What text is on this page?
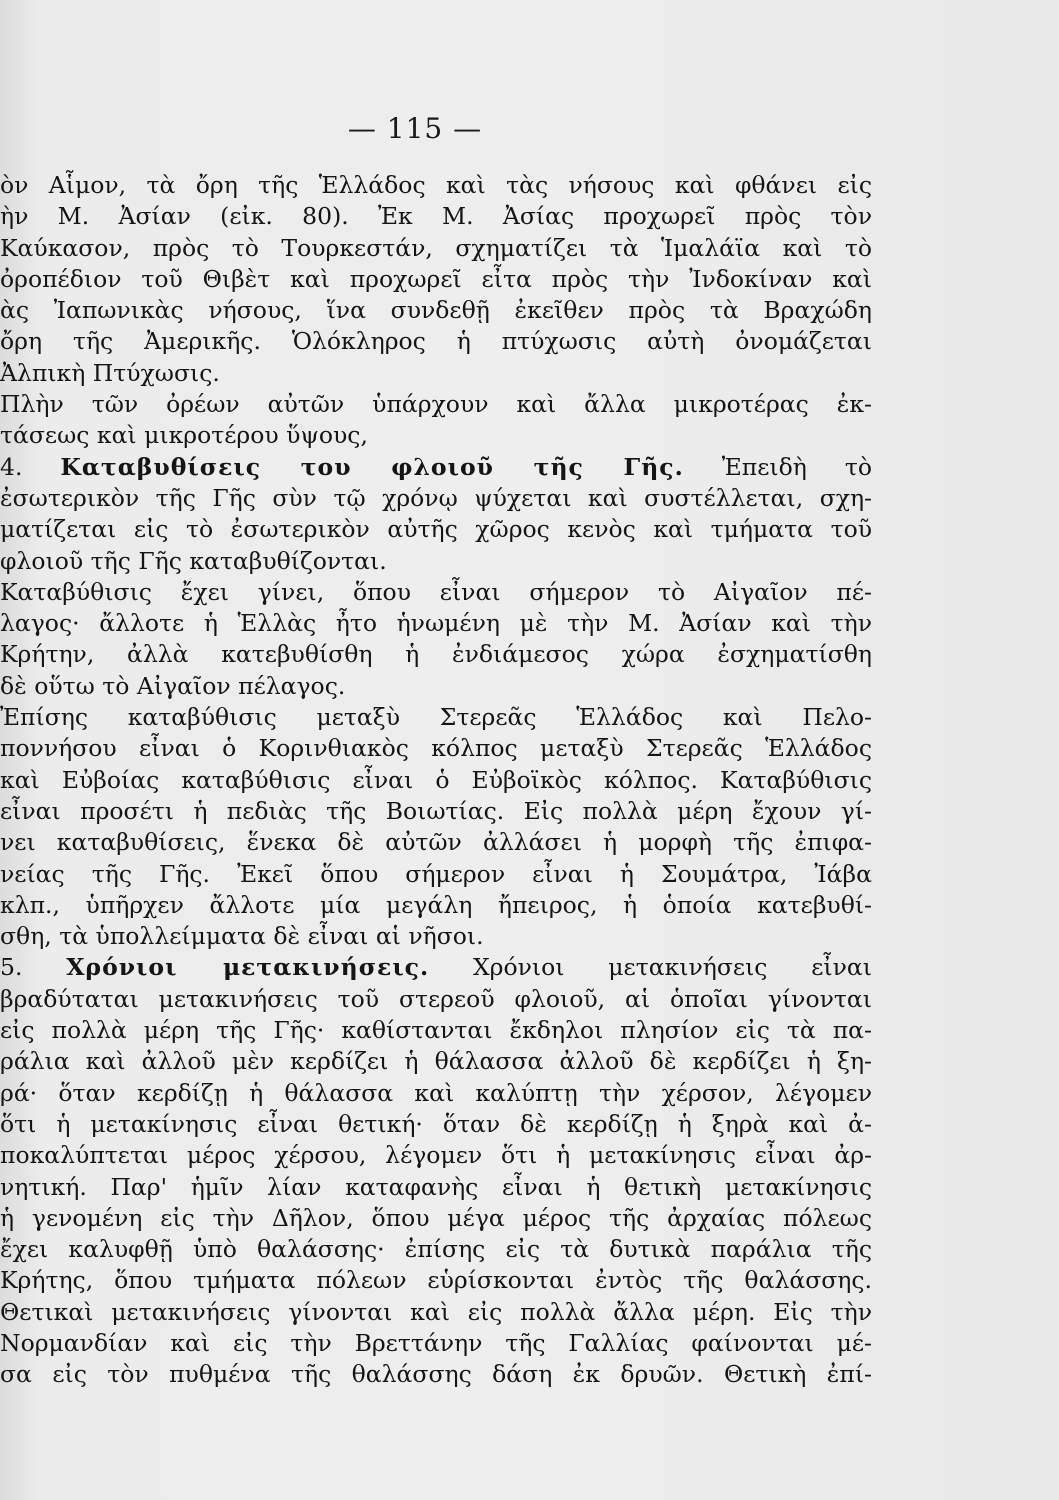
— 115 —
ὸν Αἷμον, τὰ ὄρη τῆς Ἑλλάδος καὶ τὰς νήσους καὶ φθάνει εἰς
ὴν Μ. Ἀσίαν (εἰκ. 80). Ἐκ Μ. Ἀσίας προχωρεῖ πρὸς τὸν
Καύκασον, πρὸς τὸ Τουρκεστάν, σχηματίζει τὰ Ἱμαλάϊα καὶ τὸ
ὀροπέδιον τοῦ Θιβὲτ καὶ προχωρεῖ εἶτα πρὸς τὴν Ἰνδοκίναν καὶ
ὰς Ἰαπωνικὰς νήσους, ἵνα συνδεθῇ ἐκεῖθεν πρὸς τὰ Βραχώδη
ὄρη τῆς Ἀμερικῆς. Ὁλόκληρος ἡ πτύχωσις αὐτὴ ὀνομάζεται
Ἀλπικὴ Πτύχωσις.
Πλὴν τῶν ὀρέων αὐτῶν ὑπάρχουν καὶ ἄλλα μικροτέρας ἐκ-
τάσεως καὶ μικροτέρου ὕψους,
4. Καταβυθίσεις του φλοιοῦ τῆς Γῆς. Ἐπειδὴ τὸ
ἐσωτερικὸν τῆς Γῆς σὺν τῷ χρόνῳ ψύχεται καὶ συστέλλεται, σχη-
ματίζεται εἰς τὸ ἐσωτερικὸν αὐτῆς χῶρος κενὸς καὶ τμήματα τοῦ
φλοιοῦ τῆς Γῆς καταβυθίζονται.
Καταβύθισις ἔχει γίνει, ὅπου εἶναι σήμερον τὸ Αἰγαῖον πέ-
λαγος· ἄλλοτε ἡ Ἑλλὰς ἦτο ἡνωμένη μὲ τὴν Μ. Ἀσίαν καὶ τὴν
Κρήτην, ἀλλὰ κατεβυθίσθη ἡ ἐνδιάμεσος χώρα ἐσχηματίσθη
δὲ οὕτω τὸ Αἰγαῖον πέλαγος.
Ἐπίσης καταβύθισις μεταξὺ Στερεᾶς Ἑλλάδος καὶ Πελο-
ποννήσου εἶναι ὁ Κορινθιακὸς κόλπος μεταξὺ Στερεᾶς Ἑλλάδος
καὶ Εὐβοίας καταβύθισις εἶναι ὁ Εὐβοϊκὸς κόλπος. Καταβύθισις
εἶναι προσέτι ἡ πεδιὰς τῆς Βοιωτίας. Εἰς πολλὰ μέρη ἔχουν γί-
νει καταβυθίσεις, ἕνεκα δὲ αὐτῶν ἀλλάσει ἡ μορφὴ τῆς ἐπιφα-
νείας τῆς Γῆς. Ἐκεῖ ὅπου σήμερον εἶναι ἡ Σουμάτρα, Ἰάβα
κλπ., ὑπῆρχεν ἄλλοτε μία μεγάλη ἤπειρος, ἡ ὁποία κατεβυθί-
σθη, τὰ ὑπολλείμματα δὲ εἶναι αἱ νῆσοι.
5. Χρόνιοι μετακινήσεις. Χρόνιοι μετακινήσεις εἶναι
βραδύταται μετακινήσεις τοῦ στερεοῦ φλοιοῦ, αἱ ὁποῖαι γίνονται
εἰς πολλὰ μέρη τῆς Γῆς· καθίστανται ἔκδηλοι πλησίον εἰς τὰ πα-
ράλια καὶ ἀλλοῦ μὲν κερδίζει ἡ θάλασσα ἀλλοῦ δὲ κερδίζει ἡ ξη-
ρά· ὅταν κερδίζῃ ἡ θάλασσα καὶ καλύπτῃ τὴν χέρσον, λέγομεν
ὅτι ἡ μετακίνησις εἶναι θετική· ὅταν δὲ κερδίζῃ ἡ ξηρὰ καὶ ἀ-
ποκαλύπτεται μέρος χέρσου, λέγομεν ὅτι ἡ μετακίνησις εἶναι ἀρ-
νητική. Παρ' ἡμῖν λίαν καταφανὴς εἶναι ἡ θετικὴ μετακίνησις
ἡ γενομένη εἰς τὴν Δῆλον, ὅπου μέγα μέρος τῆς ἀρχαίας πόλεως
ἔχει καλυφθῇ ὑπὸ θαλάσσης· ἐπίσης εἰς τὰ δυτικὰ παράλια τῆς
Κρήτης, ὅπου τμήματα πόλεων εὑρίσκονται ἐντὸς τῆς θαλάσσης.
Θετικαὶ μετακινήσεις γίνονται καὶ εἰς πολλὰ ἄλλα μέρη. Εἰς τὴν
Νορμανδίαν καὶ εἰς τὴν Βρεττάνην τῆς Γαλλίας φαίνονται μέ-
σα εἰς τὸν πυθμένα τῆς θαλάσσης δάση ἐκ δρυῶν. Θετικὴ ἐπί-
